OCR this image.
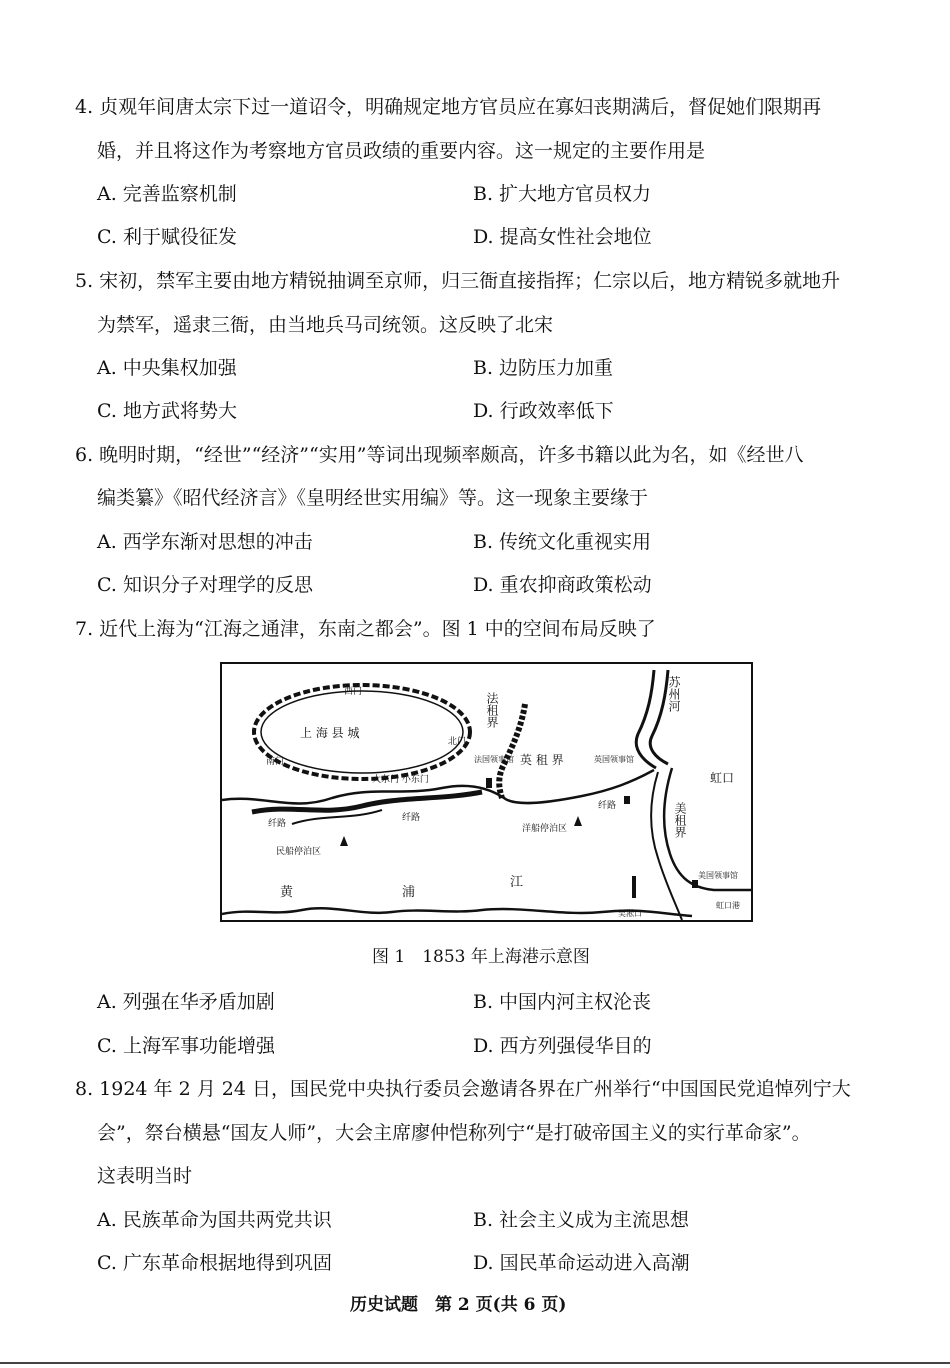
4. 贞观年间唐太宗下过一道诏令，明确规定地方官员应在寡妇丧期满后，督促她们限期再
婚，并且将这作为考察地方官员政绩的重要内容。这一规定的主要作用是
A. 完善监察机制	B. 扩大地方官员权力
C. 利于赋役征发	D. 提高女性社会地位
5. 宋初，禁军主要由地方精锐抽调至京师，归三衙直接指挥；仁宗以后，地方精锐多就地升
为禁军，遥隶三衙，由当地兵马司统领。这反映了北宋
A. 中央集权加强	B. 边防压力加重
C. 地方武将势大	D. 行政效率低下
6. 晚明时期，“经世”“经济”“实用”等词出现频率颇高，许多书籍以此为名，如《经世八
编类纂》《昭代经济言》《皇明经世实用编》等。这一现象主要缘于
A. 西学东渐对思想的冲击	B. 传统文化重视实用
C. 知识分子对理学的反思	D. 重农抑商政策松动
7. 近代上海为“江海之通津，东南之都会”。图 1 中的空间布局反映了
西门
上 海 县 城
北门
南门
大东门 小东门
法租界
法国领事馆 英 租 界	英国领事馆
苏州河
虹口
美租界
纤路
纤路
纤路
洋船停泊区
民船停泊区
黄	浦
江
吴淞口
美国领事馆
虹口港
图 1　1853 年上海港示意图
A. 列强在华矛盾加剧	B. 中国内河主权沦丧
C. 上海军事功能增强	D. 西方列强侵华目的
8. 1924 年 2 月 24 日，国民党中央执行委员会邀请各界在广州举行“中国国民党追悼列宁大
会”，祭台横悬“国友人师”，大会主席廖仲恺称列宁“是打破帝国主义的实行革命家”。
这表明当时
A. 民族革命为国共两党共识	B. 社会主义成为主流思想
C. 广东革命根据地得到巩固	D. 国民革命运动进入高潮
历史试题　第 2 页(共 6 页)
